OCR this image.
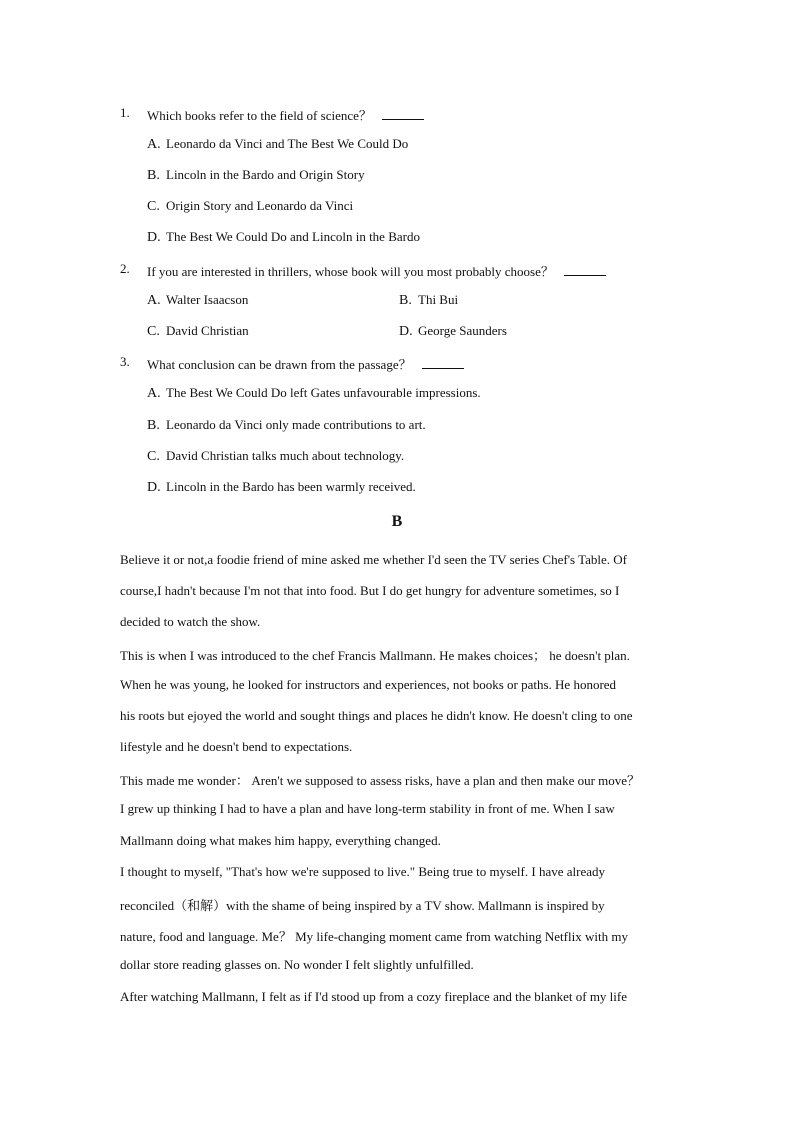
1.	Which books refer to the field of science？
A. Leonardo da Vinci and The Best We Could Do
B. Lincoln in the Bardo and Origin Story
C. Origin Story and Leonardo da Vinci
D. The Best We Could Do and Lincoln in the Bardo
2.	If you are interested in thrillers, whose book will you most probably choose？
A. Walter Isaacson	B. Thi Bui
C. David Christian	D. George Saunders
3.	What conclusion can be drawn from the passage？
A. The Best We Could Do left Gates unfavourable impressions.
B. Leonardo da Vinci only made contributions to art.
C. David Christian talks much about technology.
D. Lincoln in the Bardo has been warmly received.
B
Believe it or not,a foodie friend of mine asked me whether I'd seen the TV series Chef's Table. Of
course,I hadn't because I'm not that into food. But I do get hungry for adventure sometimes, so I
decided to watch the show.
This is when I was introduced to the chef Francis Mallmann. He makes choices； he doesn't plan.
When he was young, he looked for instructors and experiences, not books or paths. He honored
his roots but ejoyed the world and sought things and places he didn't know. He doesn't cling to one
lifestyle and he doesn't bend to expectations.
This made me wonder： Aren't we supposed to assess risks, have a plan and then make our move？
I grew up thinking I had to have a plan and have long-term stability in front of me. When I saw
Mallmann doing what makes him happy, everything changed.
I thought to myself, "That's how we're supposed to live." Being true to myself. I have already
reconciled（和解）with the shame of being inspired by a TV show. Mallmann is inspired by
nature, food and language. Me？ My life-changing moment came from watching Netflix with my
dollar store reading glasses on. No wonder I felt slightly unfulfilled.
After watching Mallmann, I felt as if I'd stood up from a cozy fireplace and the blanket of my life
